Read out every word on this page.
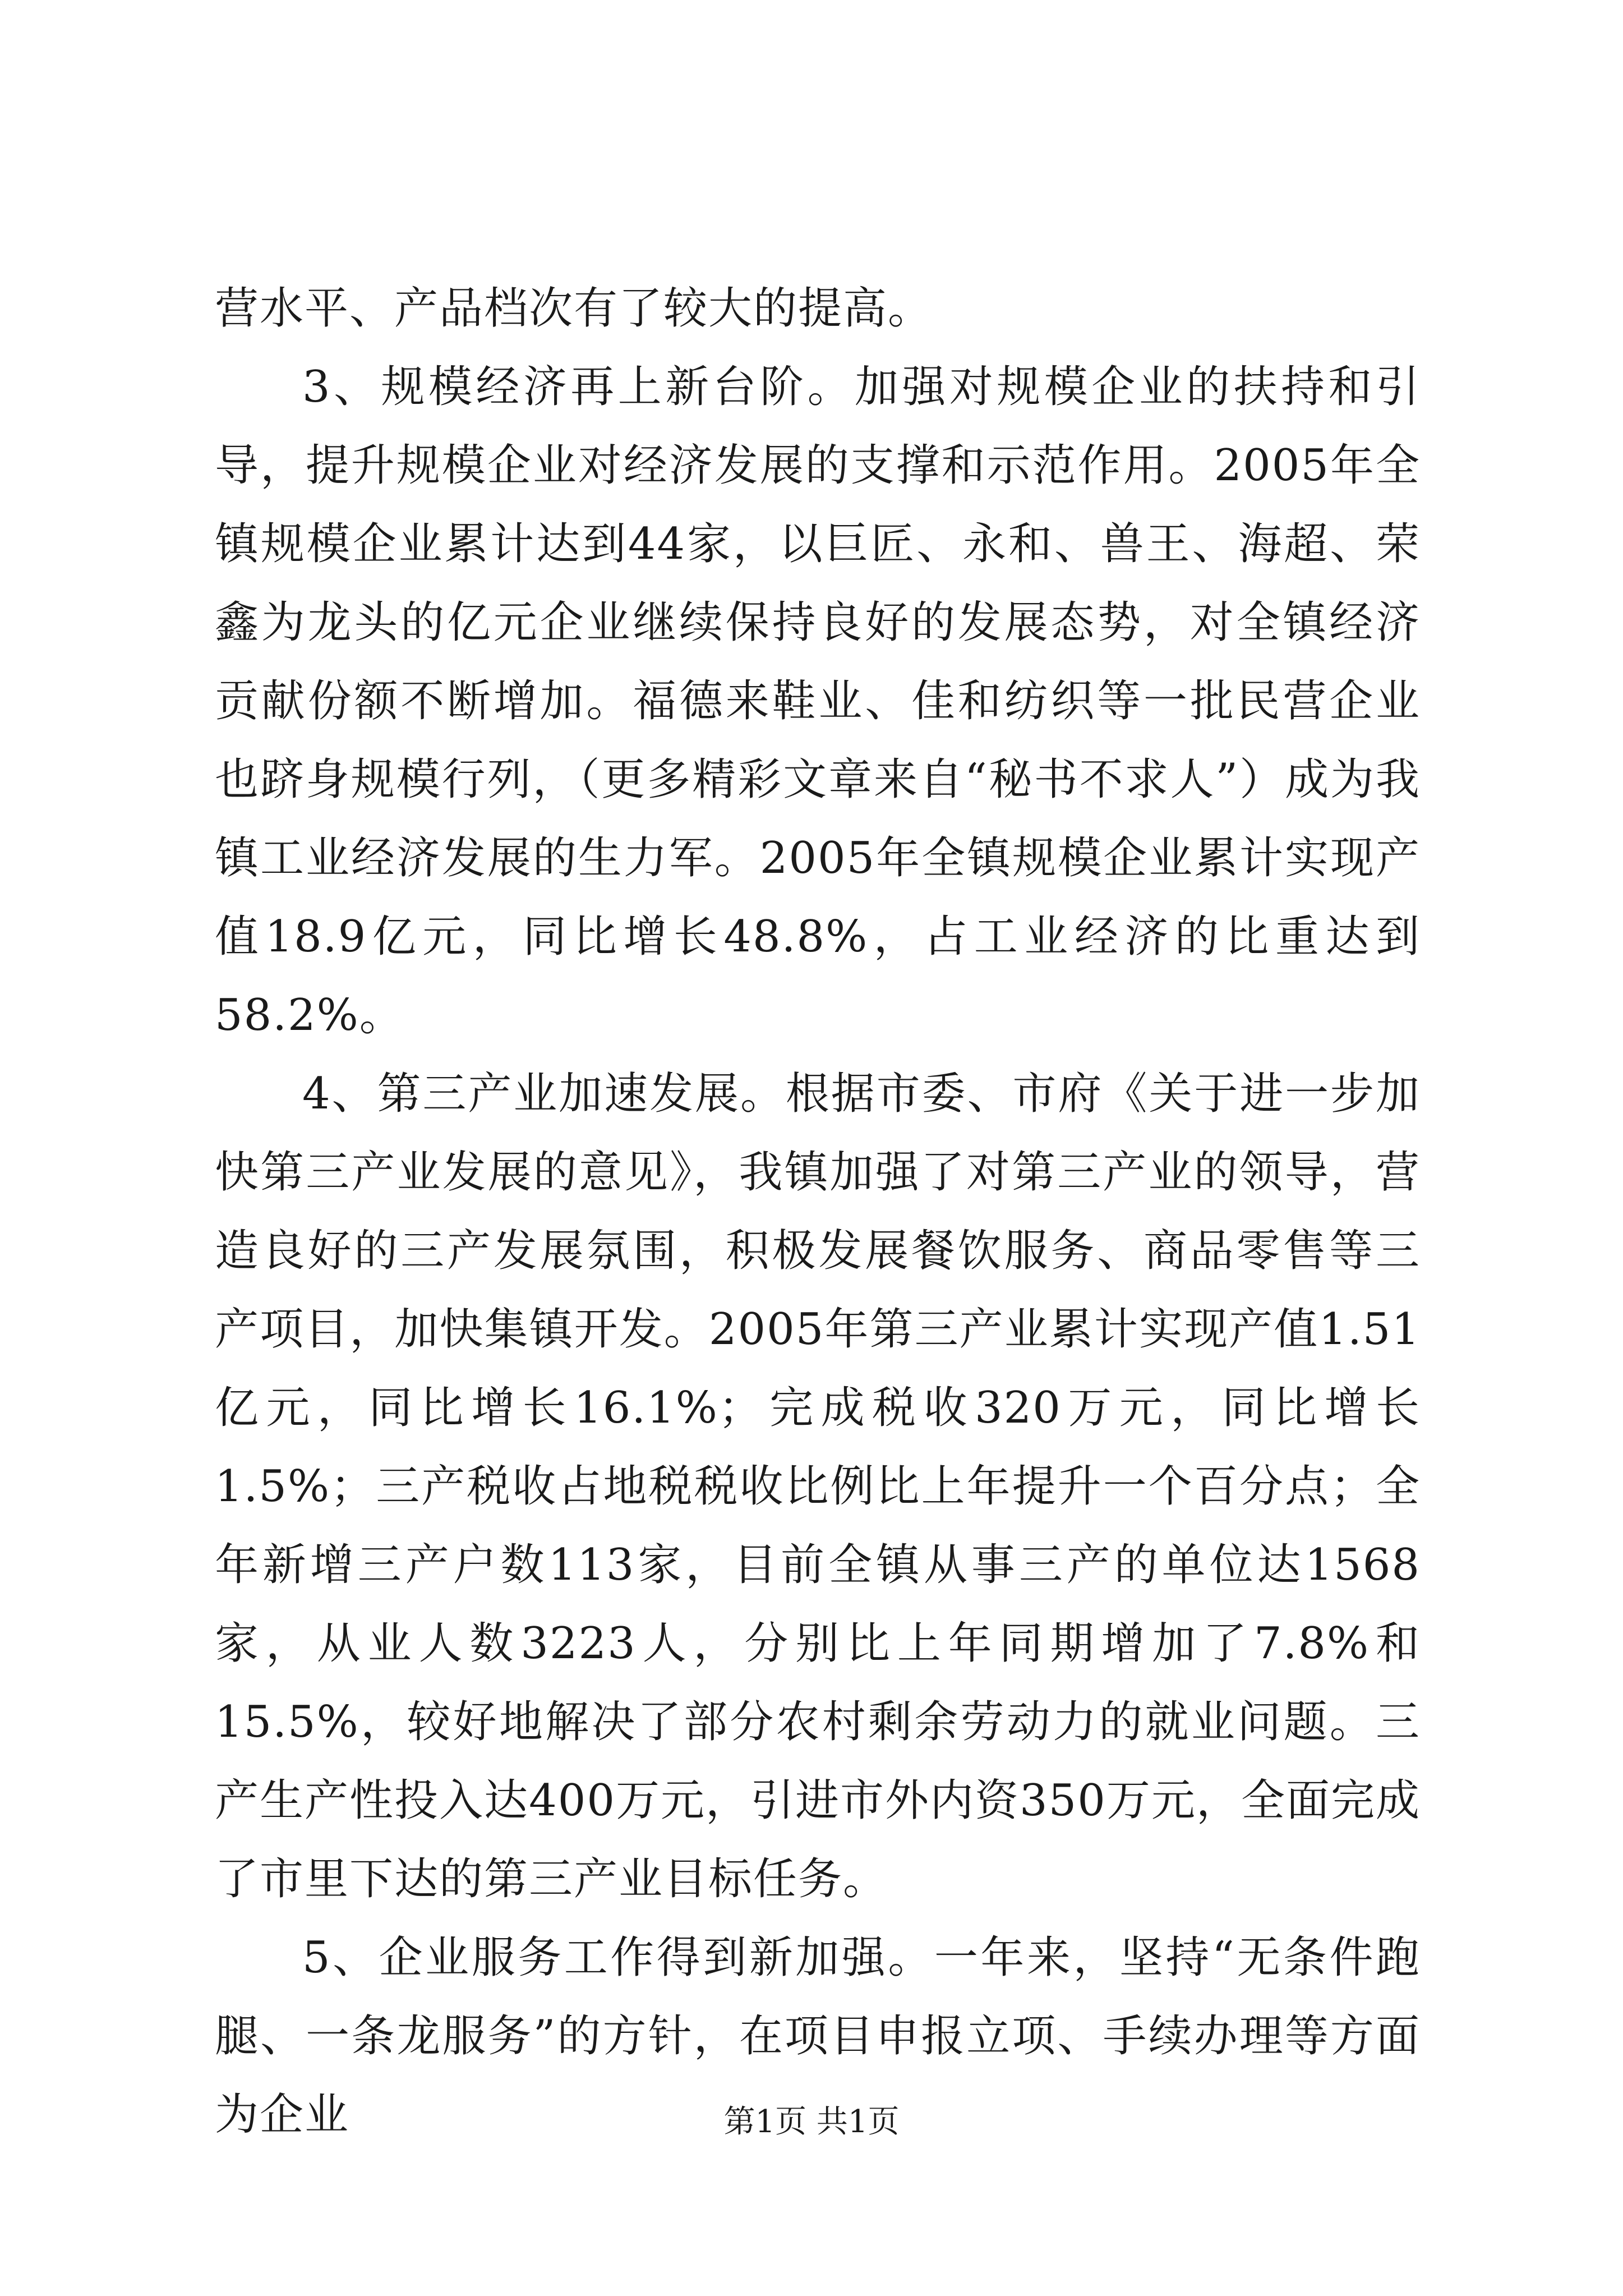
营水平、产品档次有了较大的提高。

3、规模经济再上新台阶。加强对规模企业的扶持和引导，提升规模企业对经济发展的支撑和示范作用。2005年全镇规模企业累计达到44家，以巨匠、永和、兽王、海超、荣鑫为龙头的亿元企业继续保持良好的发展态势，对全镇经济贡献份额不断增加。福德来鞋业、佳和纺织等一批民营企业也跻身规模行列，（更多精彩文章来自“秘书不求人”）成为我镇工业经济发展的生力军。2005年全镇规模企业累计实现产值18.9亿元，同比增长48.8%，占工业经济的比重达到58.2%。

4、第三产业加速发展。根据市委、市府《关于进一步加快第三产业发展的意见》，我镇加强了对第三产业的领导，营造良好的三产发展氛围，积极发展餐饮服务、商品零售等三产项目，加快集镇开发。2005年第三产业累计实现产值1.51亿元，同比增长16.1%；完成税收320万元，同比增长1.5%；三产税收占地税税收比例比上年提升一个百分点；全年新增三产户数113家，目前全镇从事三产的单位达1568家，从业人数3223人，分别比上年同期增加了7.8%和15.5%，较好地解决了部分农村剩余劳动力的就业问题。三产生产性投入达400万元，引进市外内资350万元，全面完成了市里下达的第三产业目标任务。

5、企业服务工作得到新加强。一年来，坚持“无条件跑腿、一条龙服务”的方针，在项目申报立项、手续办理等方面为企业	第1页 共1页
